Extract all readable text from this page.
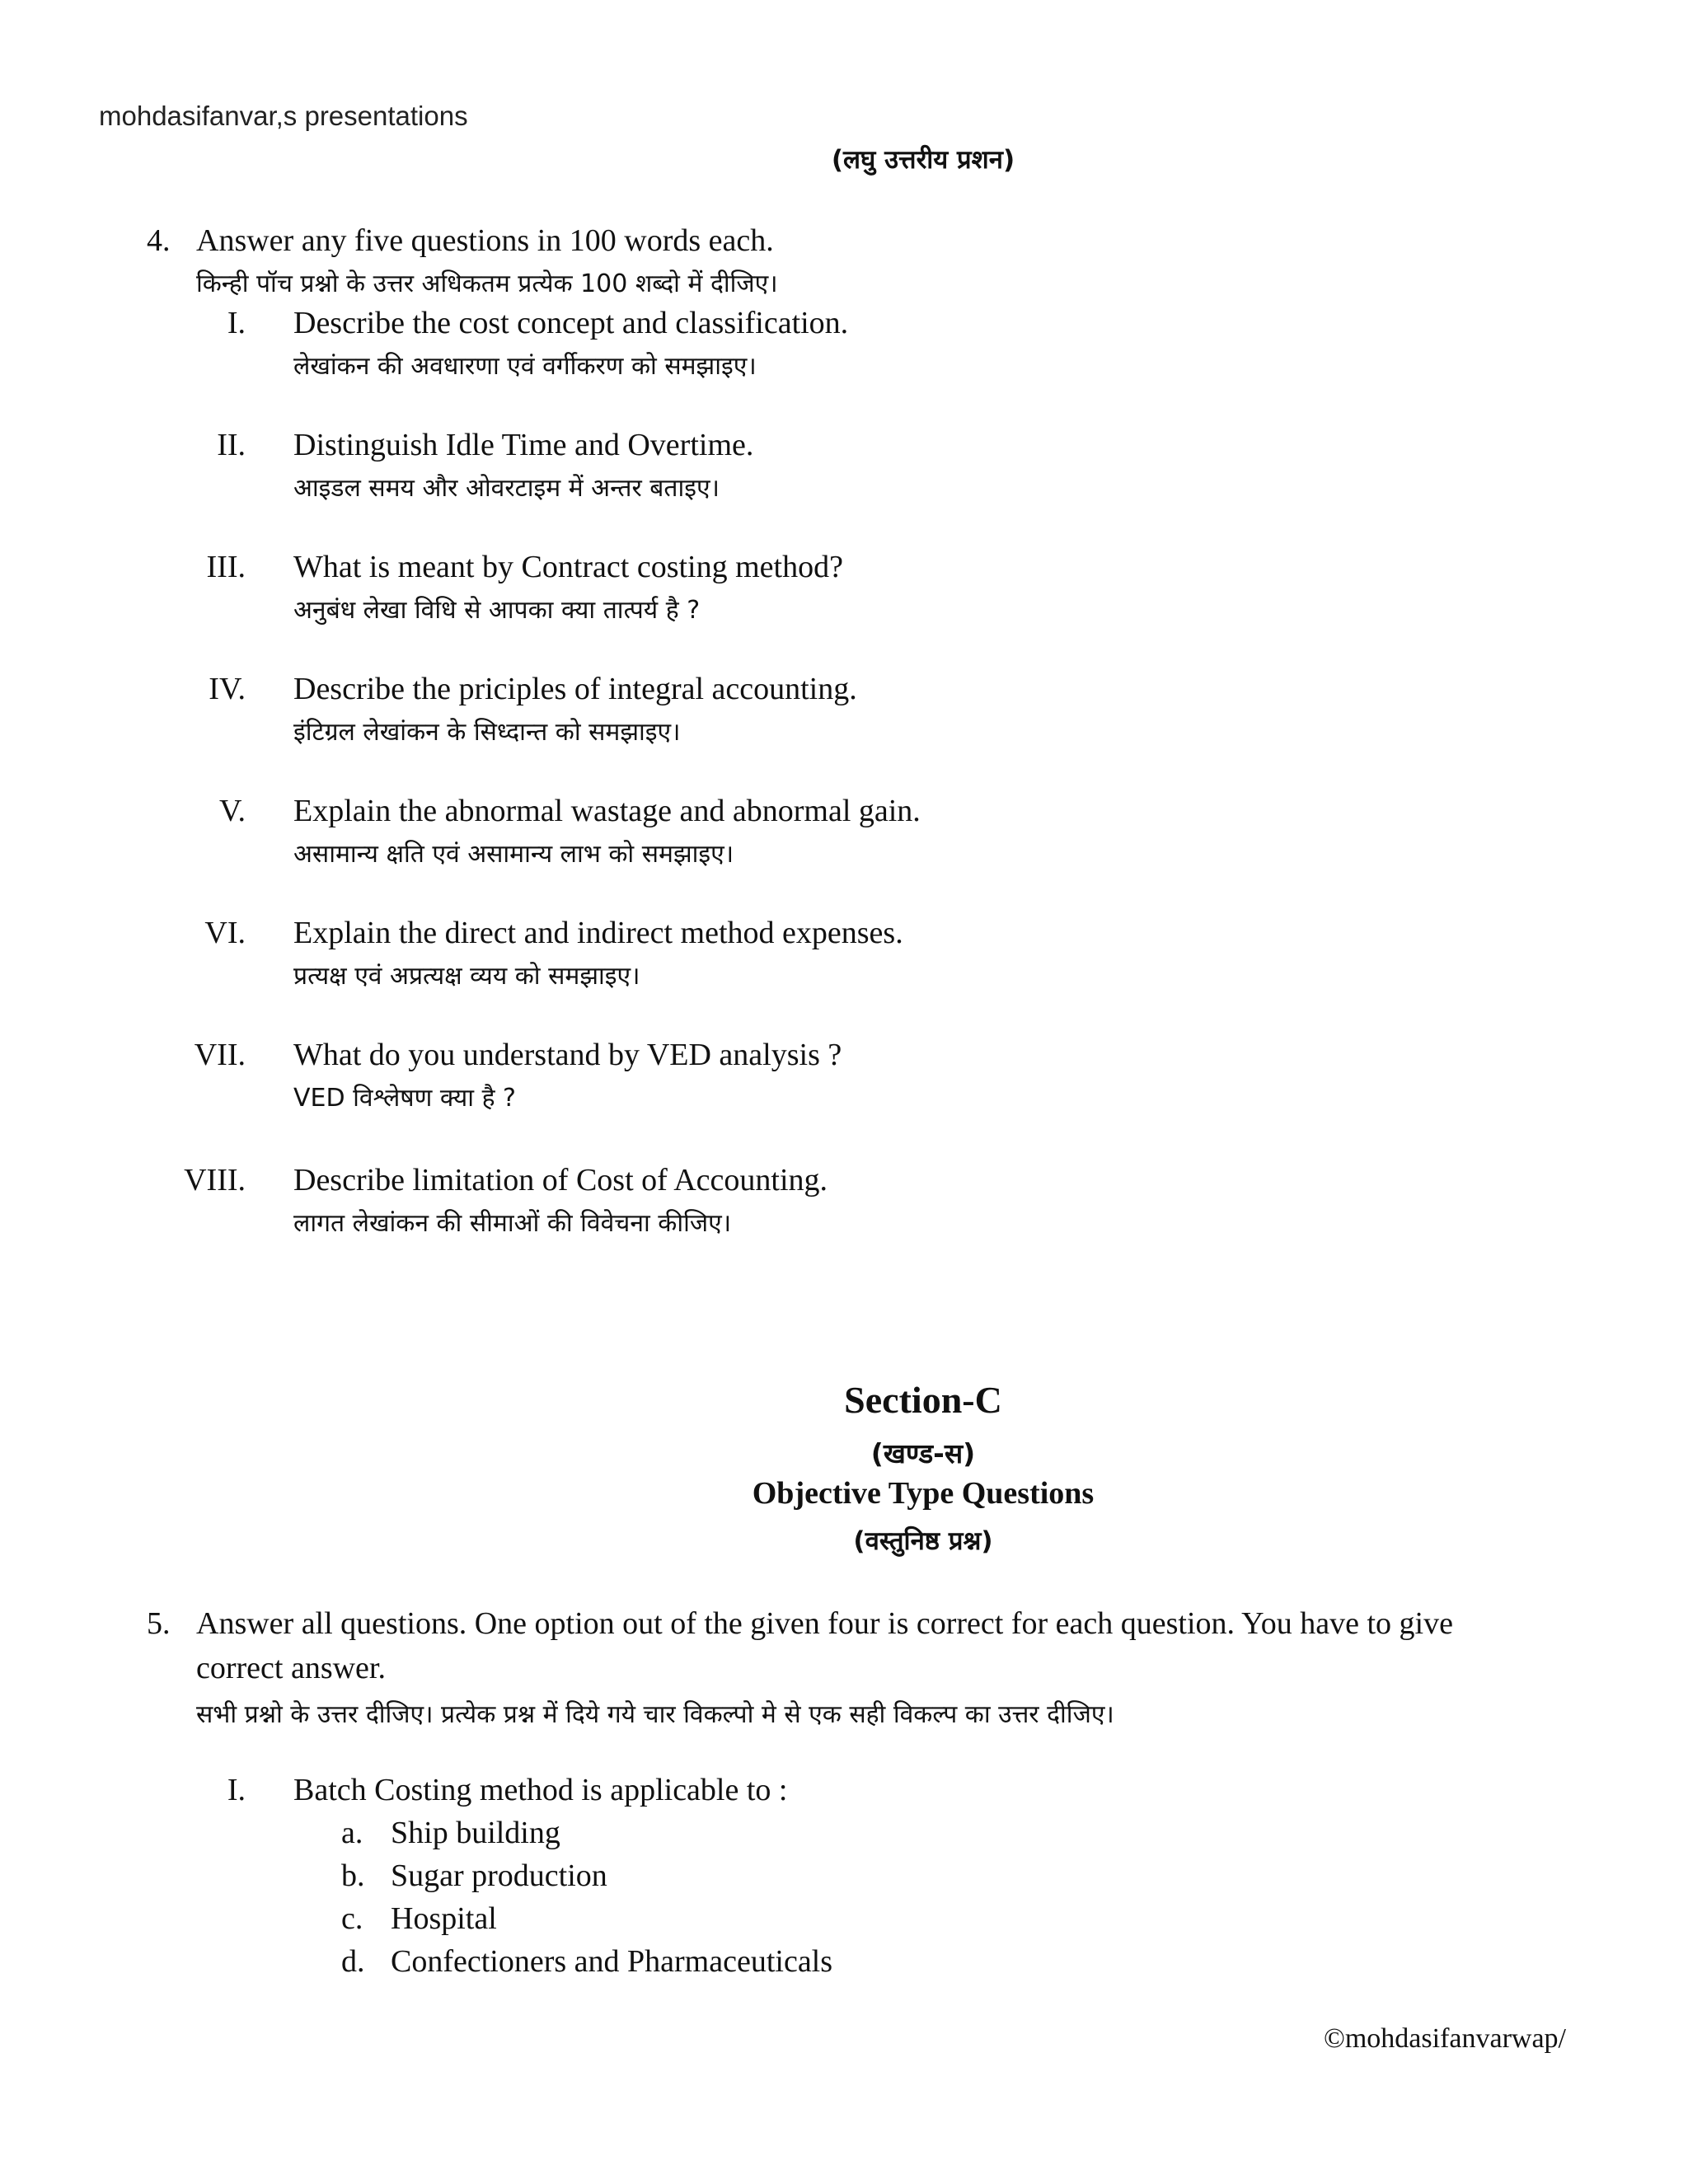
mohdasifanvar,s presentations
(लघु उत्तरीय प्रशन)
4. Answer any five questions in 100 words each.
किन्ही पॉच प्रश्नो के उत्तर अधिकतम प्रत्येक 100 शब्दो में दीजिए।
I. Describe the cost concept and classification.
लेखांकन की अवधारणा एवं वर्गीकरण को समझाइए।
II. Distinguish Idle Time and Overtime.
आइडल समय और ओवरटाइम में अन्तर बताइए।
III. What is meant by Contract costing method?
अनुबंध लेखा विधि से आपका क्या तात्पर्य है ?
IV. Describe the priciples of integral accounting.
इंटिग्रल लेखांकन के सिध्दान्त को समझाइए।
V. Explain the abnormal wastage and abnormal gain.
असामान्य क्षति एवं असामान्य लाभ को समझाइए।
VI. Explain the direct and indirect method expenses.
प्रत्यक्ष एवं अप्रत्यक्ष व्यय को समझाइए।
VII. What do you understand by VED analysis ?
VED विश्लेषण क्या है ?
VIII. Describe limitation of Cost of Accounting.
लागत लेखांकन की सीमाओं की विवेचना कीजिए।
Section-C
(खण्ड-स)
Objective Type Questions
(वस्तुनिष्ठ प्रश्न)
5. Answer all questions. One option out of the given four is correct for each question. You have to give
correct answer.
सभी प्रश्नो के उत्तर दीजिए। प्रत्येक प्रश्न में दिये गये चार विकल्पो मे से एक सही विकल्प का उत्तर दीजिए।
I. Batch Costing method is applicable to :
a. Ship building
b. Sugar production
c. Hospital
d. Confectioners and Pharmaceuticals
©mohdasifanvarwap/
